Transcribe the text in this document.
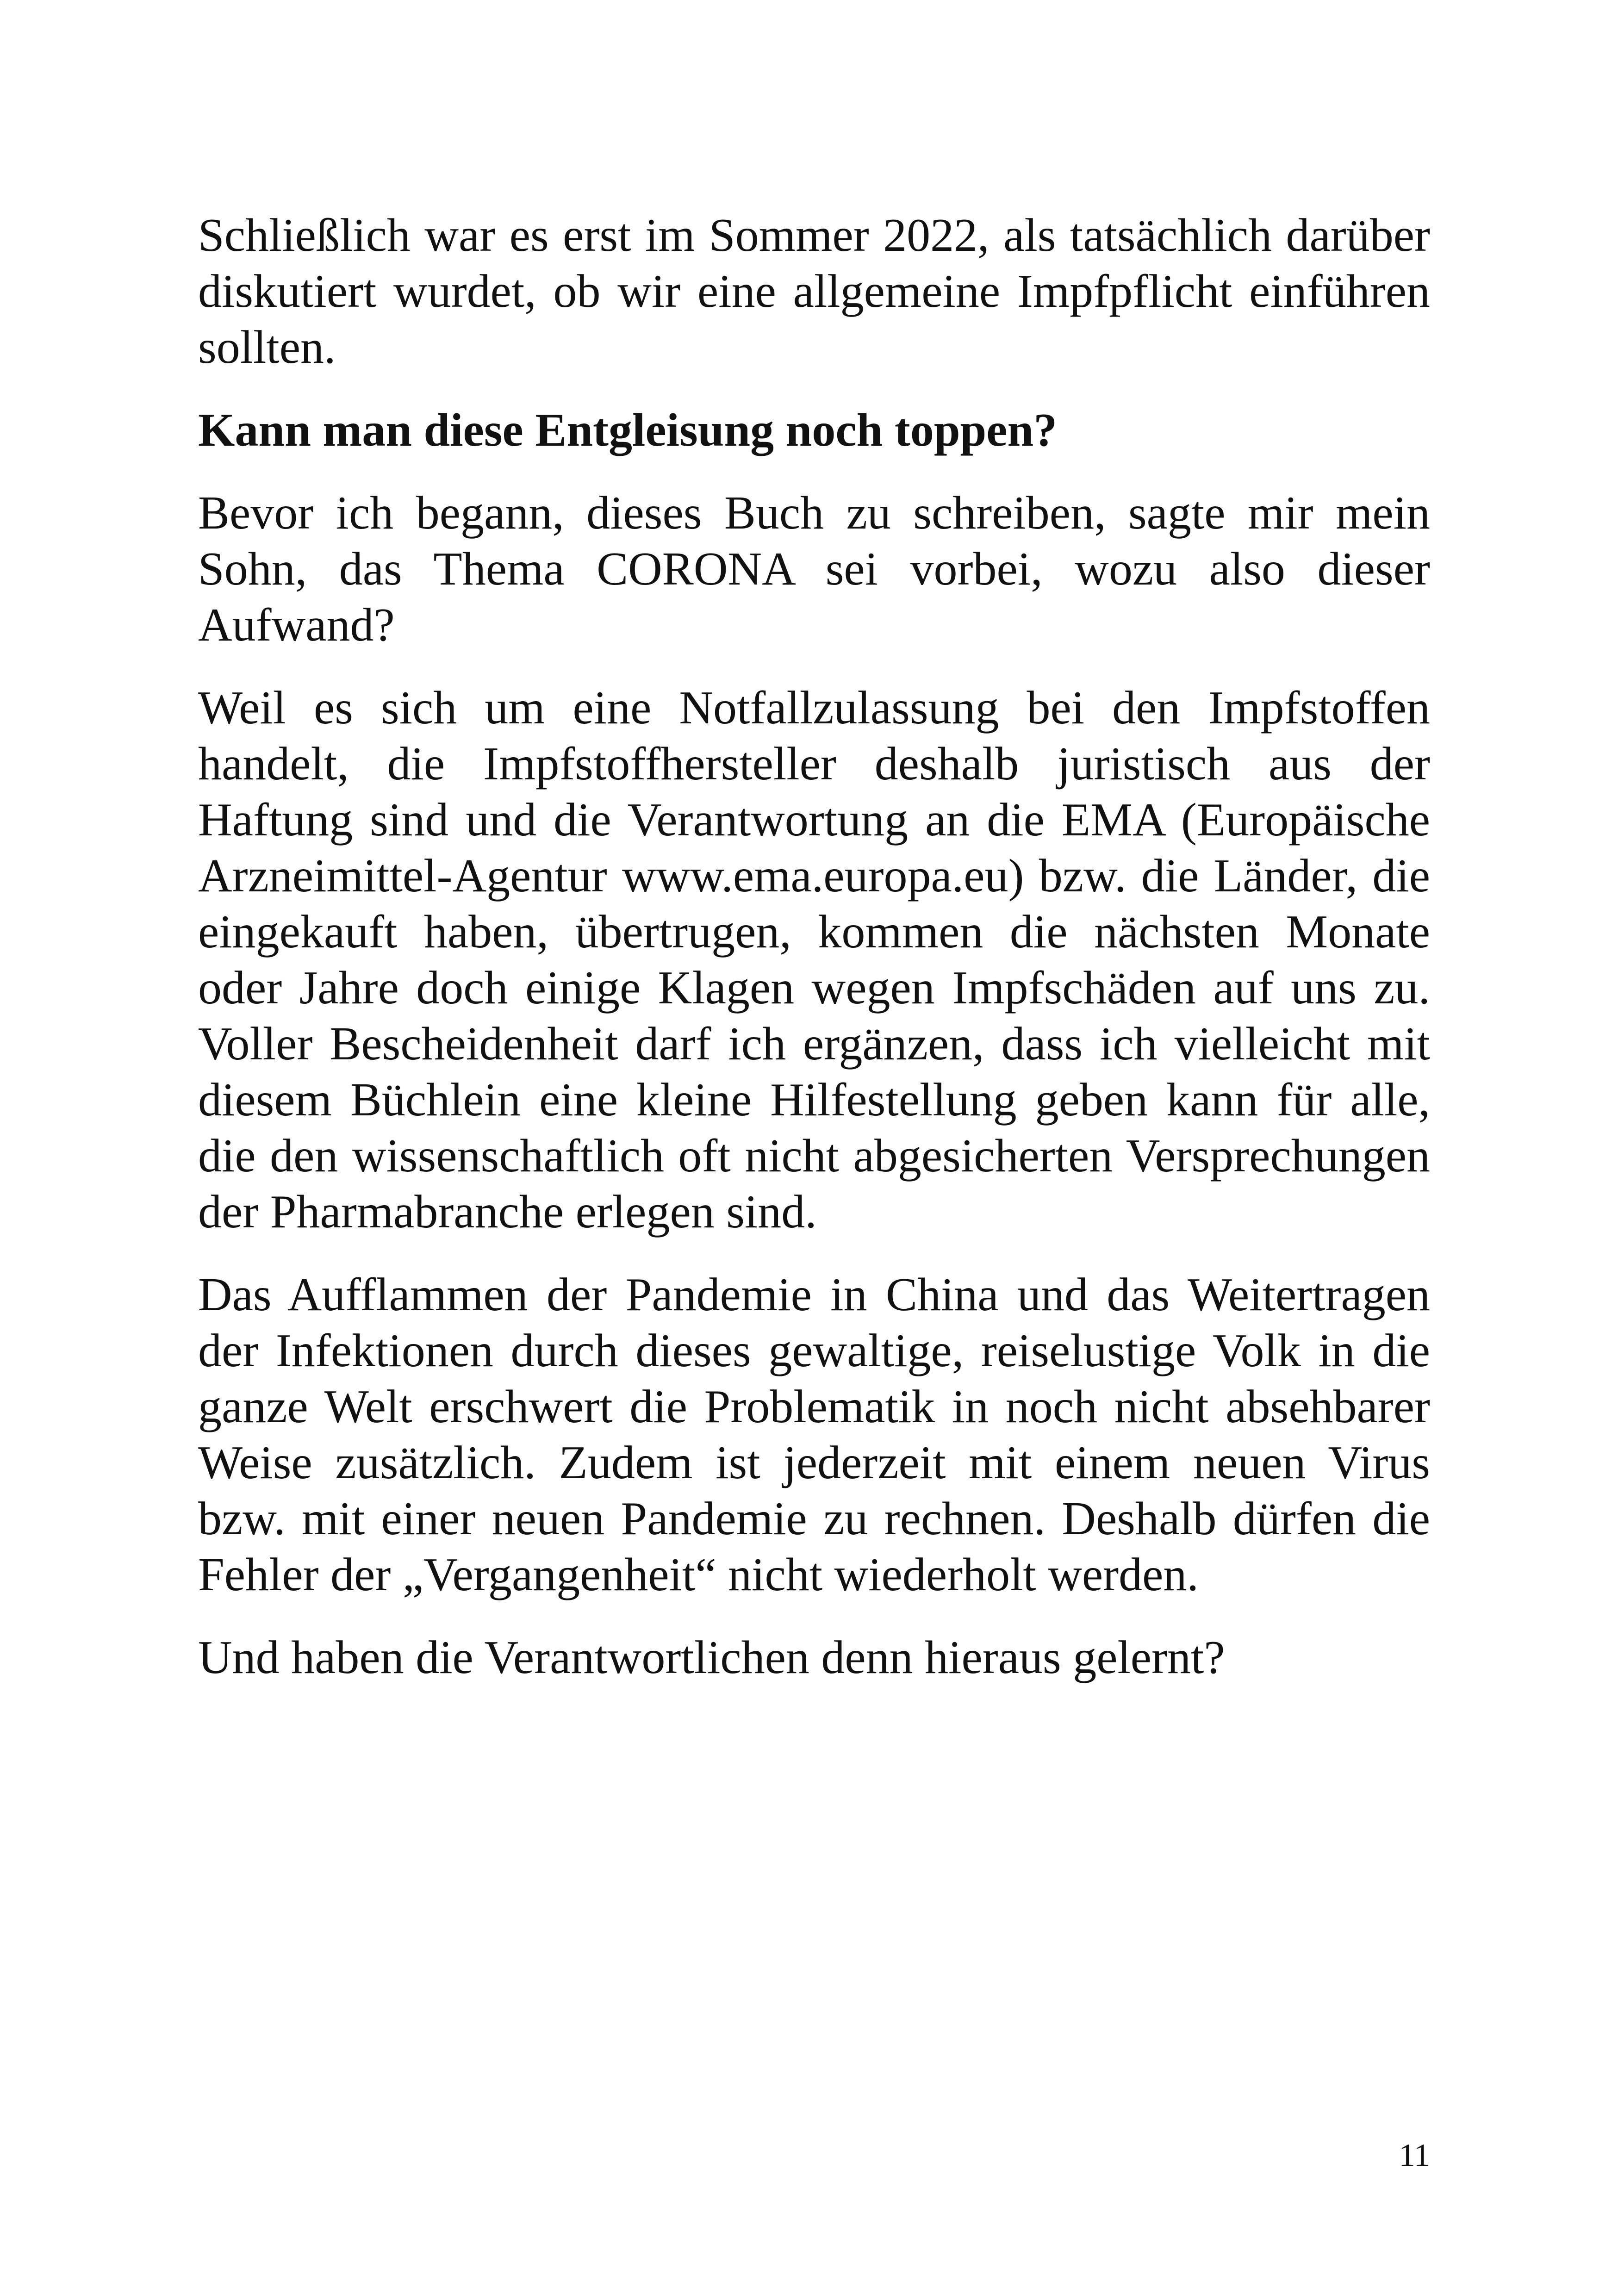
Schließlich war es erst im Sommer 2022, als tatsächlich darüber diskutiert wurdet, ob wir eine allgemeine Impfpflicht einführen sollten.

Kann man diese Entgleisung noch toppen?

Bevor ich begann, dieses Buch zu schreiben, sagte mir mein Sohn, das Thema CORONA sei vorbei, wozu also dieser Aufwand?

Weil es sich um eine Notfallzulassung bei den Impfstoffen handelt, die Impfstoffhersteller deshalb juristisch aus der Haftung sind und die Verantwortung an die EMA (Europäische Arzneimittel-Agentur www.ema.europa.eu) bzw. die Länder, die eingekauft haben, übertrugen, kommen die nächsten Monate oder Jahre doch einige Klagen wegen Impfschäden auf uns zu. Voller Bescheidenheit darf ich ergänzen, dass ich vielleicht mit diesem Büchlein eine kleine Hilfestellung geben kann für alle, die den wissenschaftlich oft nicht abgesicherten Versprechungen der Pharmabranche erlegen sind.

Das Aufflammen der Pandemie in China und das Weitertragen der Infektionen durch dieses gewaltige, reiselustige Volk in die ganze Welt erschwert die Problematik in noch nicht absehbarer Weise zusätzlich. Zudem ist jederzeit mit einem neuen Virus bzw. mit einer neuen Pandemie zu rechnen. Deshalb dürfen die Fehler der „Vergangenheit“ nicht wiederholt werden.

Und haben die Verantwortlichen denn hieraus gelernt?

11
